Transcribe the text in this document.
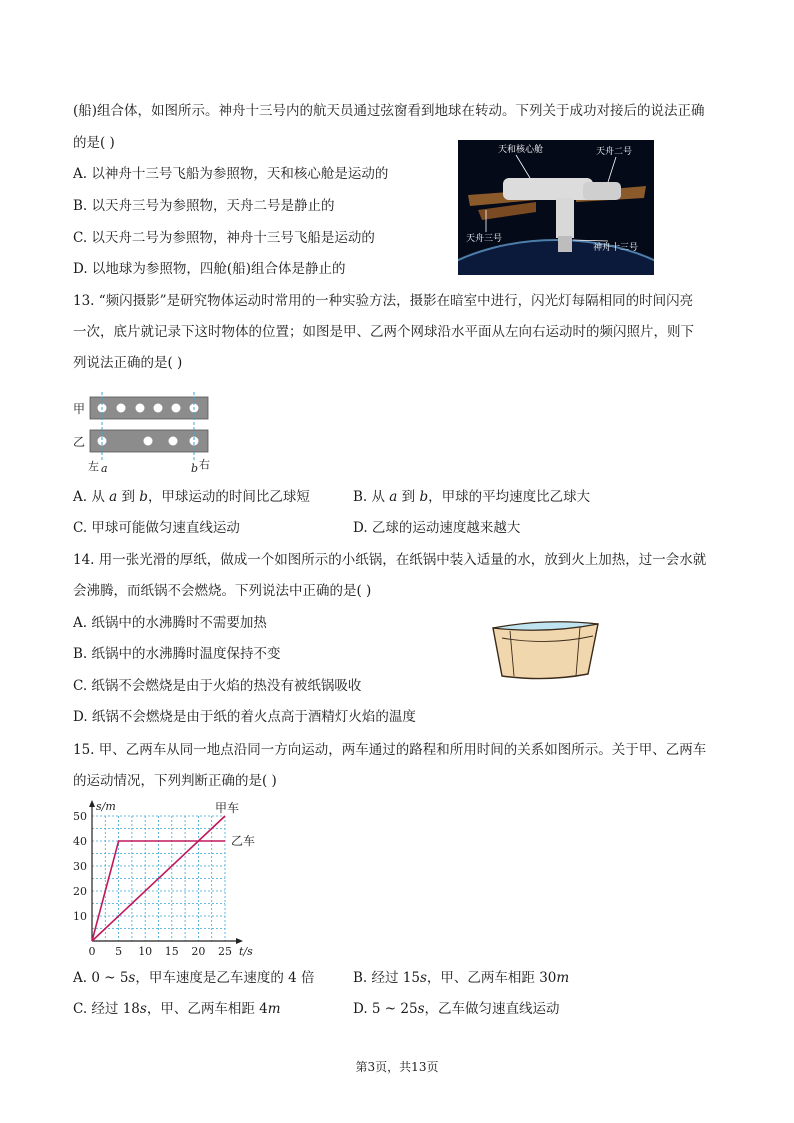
(船)组合体，如图所示。神舟十三号内的航天员通过弦窗看到地球在转动。下列关于成功对接后的说法正确
的是( )
A. 以神舟十三号飞船为参照物，天和核心舱是运动的
B. 以天舟三号为参照物，天舟二号是静止的
C. 以天舟二号为参照物，神舟十三号飞船是运动的
D. 以地球为参照物，四舱(船)组合体是静止的
天和核心舱	天舟二号
天舟三号
神舟十三号
13. “频闪摄影”是研究物体运动时常用的一种实验方法，摄影在暗室中进行，闪光灯每隔相同的时间闪亮
一次，底片就记录下这时物体的位置；如图是甲、乙两个网球沿水平面从左向右运动时的频闪照片，则下
列说法正确的是( )
甲
乙
左 a	b 右
A. 从 a 到 b，甲球运动的时间比乙球短	B. 从 a 到 b，甲球的平均速度比乙球大
C. 甲球可能做匀速直线运动	D. 乙球的运动速度越来越大
14. 用一张光滑的厚纸，做成一个如图所示的小纸锅，在纸锅中装入适量的水，放到火上加热，过一会水就
会沸腾，而纸锅不会燃烧。下列说法中正确的是( )
A. 纸锅中的水沸腾时不需要加热
B. 纸锅中的水沸腾时温度保持不变
C. 纸锅不会燃烧是由于火焰的热没有被纸锅吸收
D. 纸锅不会燃烧是由于纸的着火点高于酒精灯火焰的温度
15. 甲、乙两车从同一地点沿同一方向运动，两车通过的路程和所用时间的关系如图所示。关于甲、乙两车
的运动情况，下列判断正确的是( )
s/m
t/s
0 5 10 15 20 25
10
20
30
40
50
甲车
乙车
A. 0 ~ 5s，甲车速度是乙车速度的 4 倍	B. 经过 15s，甲、乙两车相距 30m
C. 经过 18s，甲、乙两车相距 4m	D. 5 ~ 25s，乙车做匀速直线运动
第3页，共13页
